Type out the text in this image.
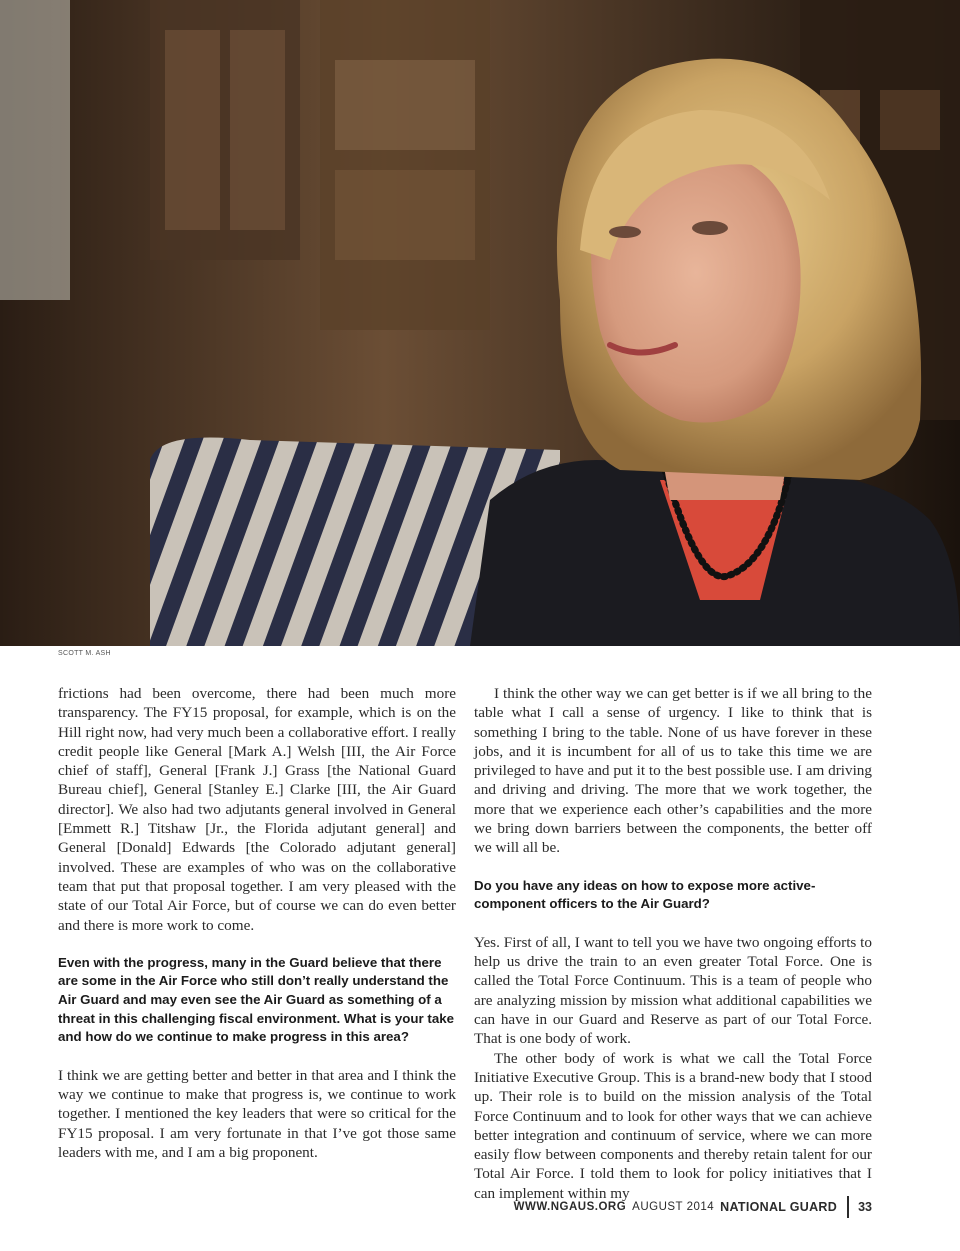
SCOTT M. ASH

frictions had been overcome, there had been much more transparency. The FY15 proposal, for example, which is on the Hill right now, had very much been a collaborative effort. I really credit people like General [Mark A.] Welsh [III, the Air Force chief of staff], General [Frank J.] Grass [the National Guard Bureau chief], General [Stanley E.] Clarke [III, the Air Guard director]. We also had two adjutants general involved in General [Emmett R.] Titshaw [Jr., the Florida adjutant general] and General [Donald] Edwards [the Colorado adjutant general] involved. These are examples of who was on the collaborative team that put that proposal together. I am very pleased with the state of our Total Air Force, but of course we can do even better and there is more work to come.

Even with the progress, many in the Guard believe that there are some in the Air Force who still don’t really understand the Air Guard and may even see the Air Guard as something of a threat in this challenging fiscal environment. What is your take and how do we continue to make progress in this area?

I think we are getting better and better in that area and I think the way we continue to make that progress is, we continue to work together. I mentioned the key leaders that were so critical for the FY15 proposal. I am very fortunate in that I’ve got those same leaders with me, and I am a big proponent.

I think the other way we can get better is if we all bring to the table what I call a sense of urgency. I like to think that is something I bring to the table. None of us have forever in these jobs, and it is incumbent for all of us to take this time we are privileged to have and put it to the best possible use. I am driving and driving and driving. The more that we work together, the more that we experience each other’s capabilities and the more we bring down barriers between the components, the better off we will all be.

Do you have any ideas on how to expose more active-component officers to the Air Guard?

Yes. First of all, I want to tell you we have two ongoing efforts to help us drive the train to an even greater Total Force. One is called the Total Force Continuum. This is a team of people who are analyzing mission by mission what additional capabilities we can have in our Guard and Reserve as part of our Total Force. That is one body of work.

The other body of work is what we call the Total Force Initiative Executive Group. This is a brand-new body that I stood up. Their role is to build on the mission analysis of the Total Force Continuum and to look for other ways that we can achieve better integration and continuum of service, where we can more easily flow between components and thereby retain talent for our Total Air Force. I told them to look for policy initiatives that I can implement within my

WWW.NGAUS.ORG AUGUST 2014 NATIONAL GUARD 33
